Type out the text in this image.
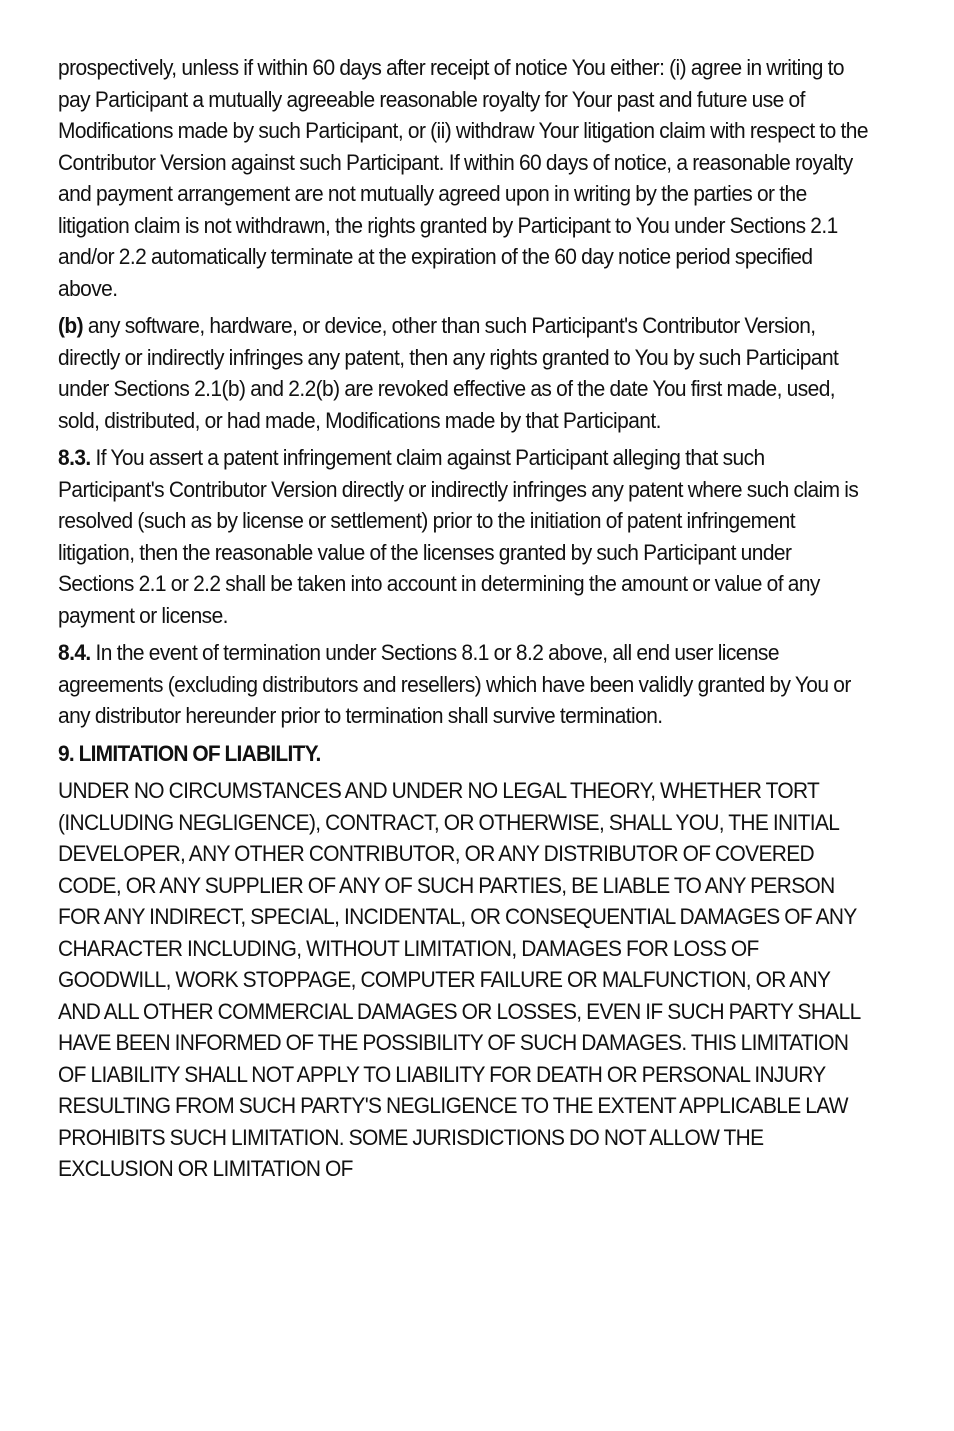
prospectively, unless if within 60 days after receipt of notice You either: (i) agree in writing to pay Participant a mutually agreeable reasonable royalty for Your past and future use of Modifications made by such Participant, or (ii) withdraw Your litigation claim with respect to the Contributor Version against such Participant. If within 60 days of notice, a reasonable royalty and payment arrangement are not mutually agreed upon in writing by the parties or the litigation claim is not withdrawn, the rights granted by Participant to You under Sections 2.1 and/or 2.2 automatically terminate at the expiration of the 60 day notice period specified above.

(b) any software, hardware, or device, other than such Participant's Contributor Version, directly or indirectly infringes any patent, then any rights granted to You by such Participant under Sections 2.1(b) and 2.2(b) are revoked effective as of the date You first made, used, sold, distributed, or had made, Modifications made by that Participant.

8.3. If You assert a patent infringement claim against Participant alleging that such Participant's Contributor Version directly or indirectly infringes any patent where such claim is resolved (such as by license or settlement) prior to the initiation of patent infringement litigation, then the reasonable value of the licenses granted by such Participant under Sections 2.1 or 2.2 shall be taken into account in determining the amount or value of any payment or license.

8.4. In the event of termination under Sections 8.1 or 8.2 above, all end user license agreements (excluding distributors and resellers) which have been validly granted by You or any distributor hereunder prior to termination shall survive termination.

9. LIMITATION OF LIABILITY.

UNDER NO CIRCUMSTANCES AND UNDER NO LEGAL THEORY, WHETHER TORT (INCLUDING NEGLIGENCE), CONTRACT, OR OTHERWISE, SHALL YOU, THE INITIAL DEVELOPER, ANY OTHER CONTRIBUTOR, OR ANY DISTRIBUTOR OF COVERED CODE, OR ANY SUPPLIER OF ANY OF SUCH PARTIES, BE LIABLE TO ANY PERSON FOR ANY INDIRECT, SPECIAL, INCIDENTAL, OR CONSEQUENTIAL DAMAGES OF ANY CHARACTER INCLUDING, WITHOUT LIMITATION, DAMAGES FOR LOSS OF GOODWILL, WORK STOPPAGE, COMPUTER FAILURE OR MALFUNCTION, OR ANY AND ALL OTHER COMMERCIAL DAMAGES OR LOSSES, EVEN IF SUCH PARTY SHALL HAVE BEEN INFORMED OF THE POSSIBILITY OF SUCH DAMAGES. THIS LIMITATION OF LIABILITY SHALL NOT APPLY TO LIABILITY FOR DEATH OR PERSONAL INJURY RESULTING FROM SUCH PARTY'S NEGLIGENCE TO THE EXTENT APPLICABLE LAW PROHIBITS SUCH LIMITATION. SOME JURISDICTIONS DO NOT ALLOW THE EXCLUSION OR LIMITATION OF
